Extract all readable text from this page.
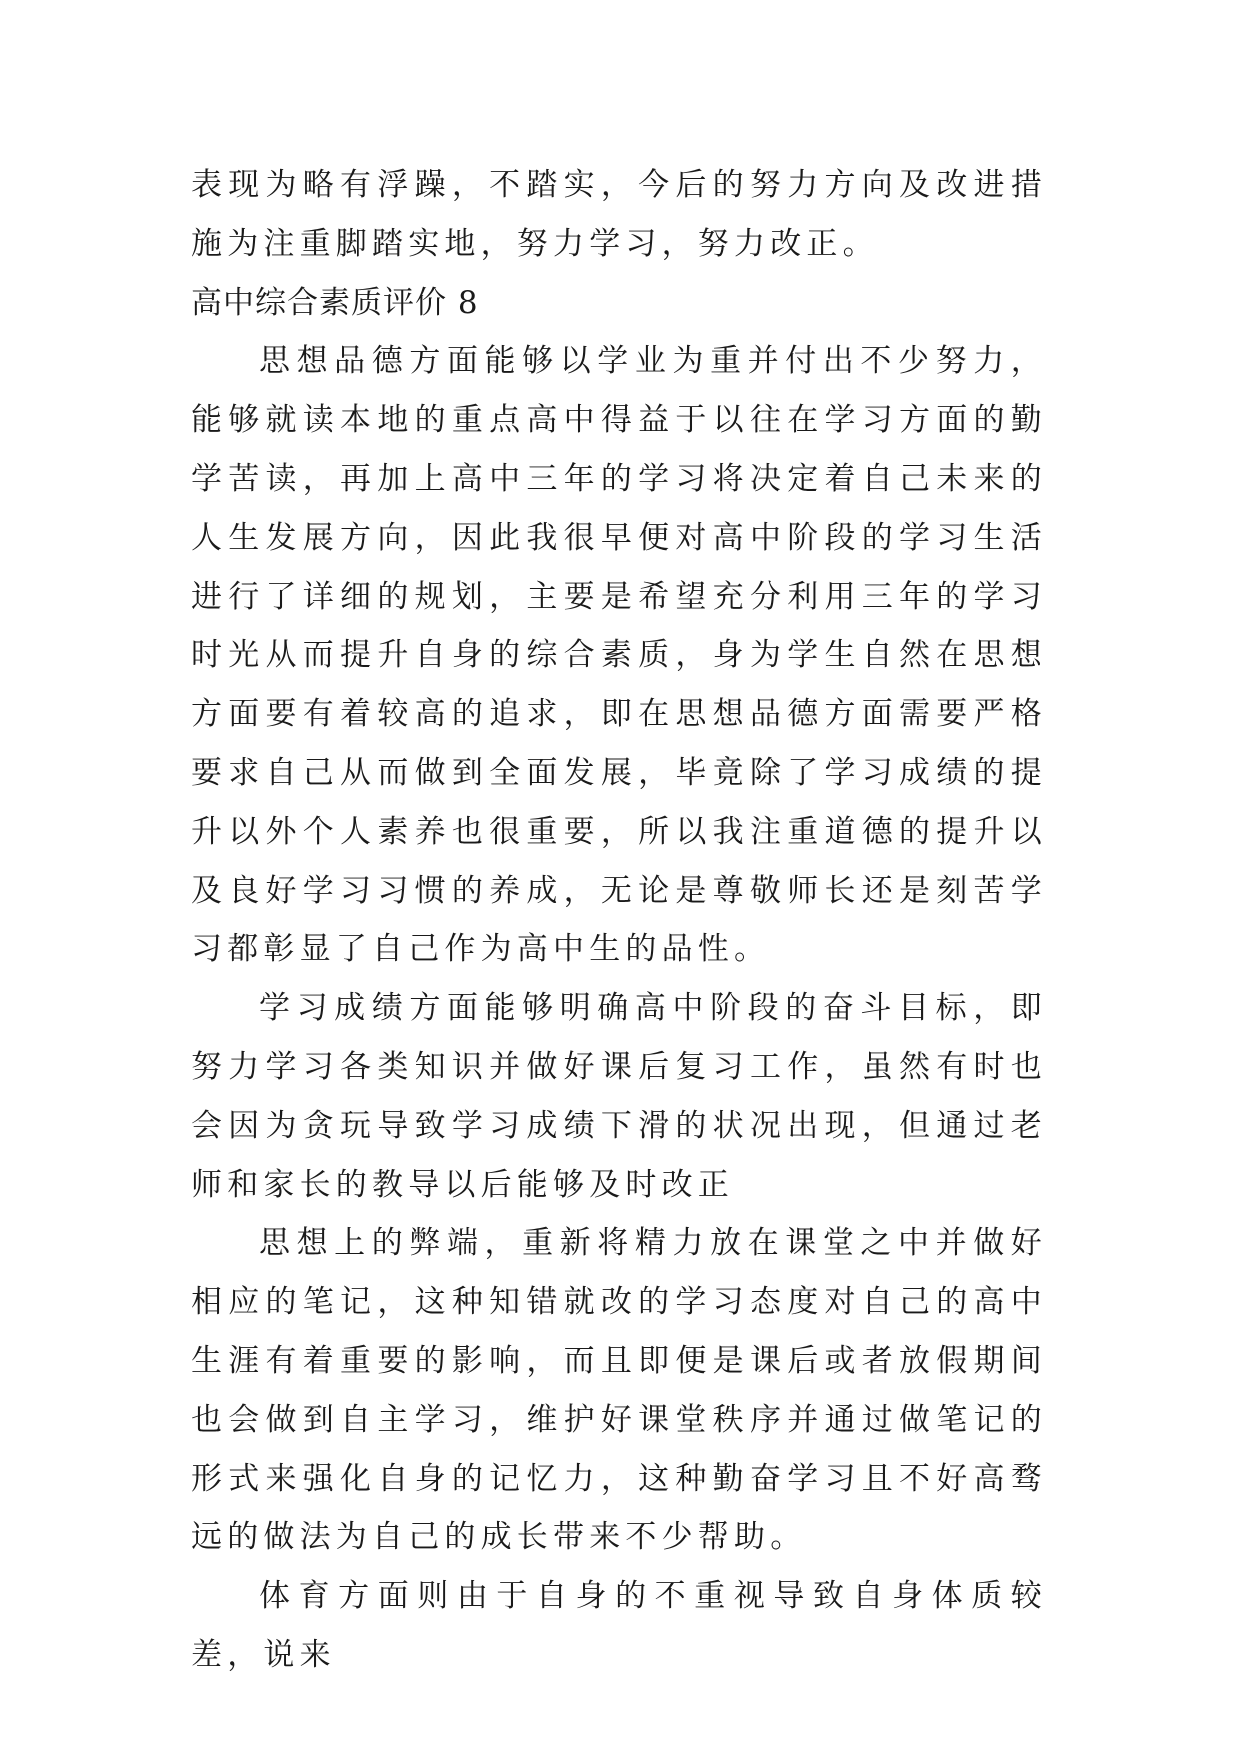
表现为略有浮躁，不踏实，今后的努力方向及改进措施为注重脚踏实地，努力学习，努力改正。

高中综合素质评价 8

思想品德方面能够以学业为重并付出不少努力，能够就读本地的重点高中得益于以往在学习方面的勤学苦读，再加上高中三年的学习将决定着自己未来的人生发展方向，因此我很早便对高中阶段的学习生活进行了详细的规划，主要是希望充分利用三年的学习时光从而提升自身的综合素质，身为学生自然在思想方面要有着较高的追求，即在思想品德方面需要严格要求自己从而做到全面发展，毕竟除了学习成绩的提升以外个人素养也很重要，所以我注重道德的提升以及良好学习习惯的养成，无论是尊敬师长还是刻苦学习都彰显了自己作为高中生的品性。

学习成绩方面能够明确高中阶段的奋斗目标，即努力学习各类知识并做好课后复习工作，虽然有时也会因为贪玩导致学习成绩下滑的状况出现，但通过老师和家长的教导以后能够及时改正

思想上的弊端，重新将精力放在课堂之中并做好相应的笔记，这种知错就改的学习态度对自己的高中生涯有着重要的影响，而且即便是课后或者放假期间也会做到自主学习，维护好课堂秩序并通过做笔记的形式来强化自身的记忆力，这种勤奋学习且不好高骛远的做法为自己的成长带来不少帮助。

体育方面则由于自身的不重视导致自身体质较差，说来
